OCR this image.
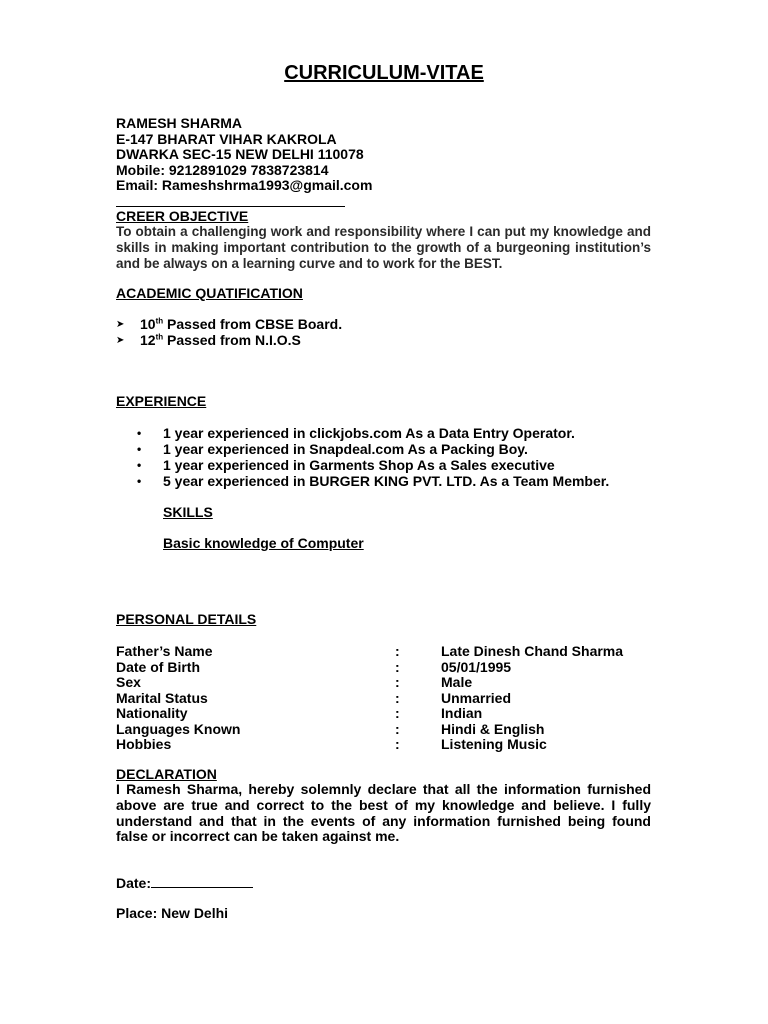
CURRICULUM-VITAE
RAMESH SHARMA
E-147 BHARAT VIHAR KAKROLA
DWARKA SEC-15 NEW DELHI 110078
Mobile: 9212891029 7838723814
Email: Rameshshrma1993@gmail.com
CREER OBJECTIVE
To obtain a challenging work and responsibility where I can put my knowledge and skills in making important contribution to the growth of a burgeoning institution’s and be always on a learning curve and to work for the BEST.
ACADEMIC QUATIFICATION
➤	10th Passed from CBSE Board.
➤	12th Passed from N.I.O.S
EXPERIENCE
•	1 year experienced in clickjobs.com As a Data Entry Operator.
•	1 year experienced in Snapdeal.com As a Packing Boy.
•	1 year experienced in Garments Shop As a Sales executive
•	5 year experienced in BURGER KING PVT. LTD. As a Team Member.
SKILLS
Basic knowledge of Computer
PERSONAL DETAILS
Father’s Name	:	Late Dinesh Chand Sharma
Date of Birth	:	05/01/1995
Sex	:	Male
Marital Status	:	Unmarried
Nationality	:	Indian
Languages Known	:	Hindi & English
Hobbies	:	Listening Music
DECLARATION
I Ramesh Sharma, hereby solemnly declare that all the information furnished above are true and correct to the best of my knowledge and believe. I fully understand and that in the events of any information furnished being found false or incorrect can be taken against me.
Date:
Place: New Delhi
